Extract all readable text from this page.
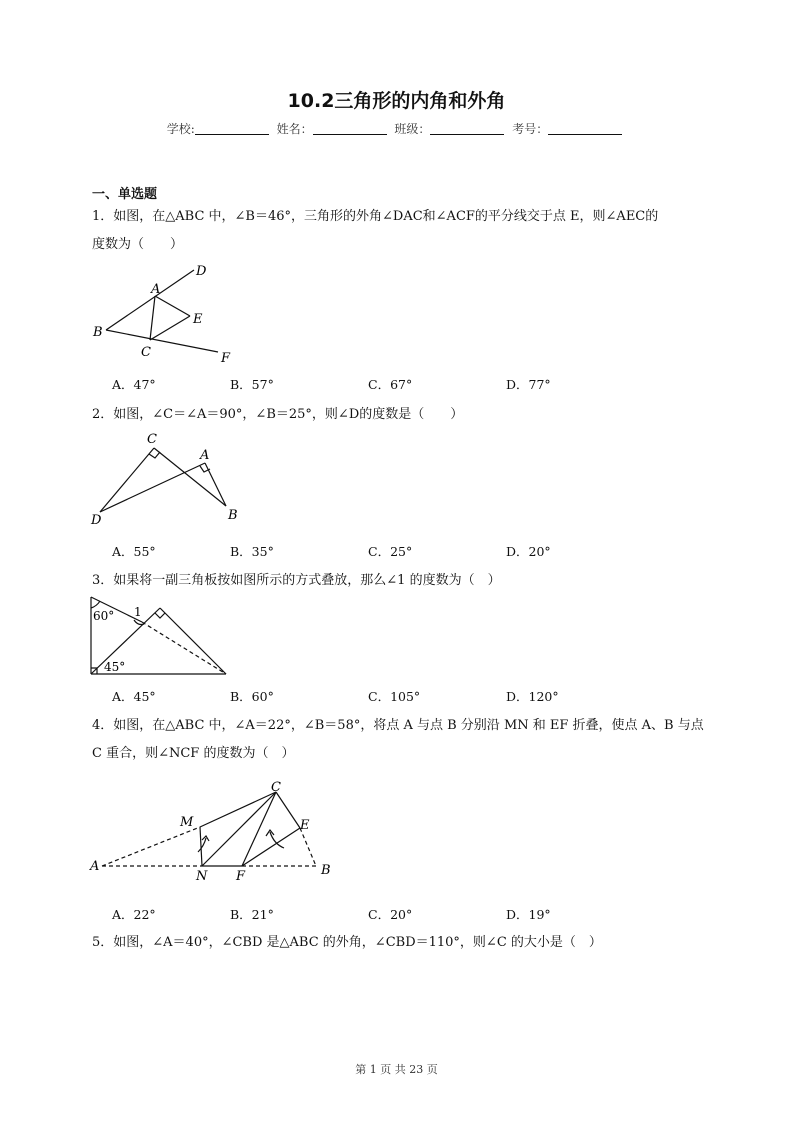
10.2三角形的内角和外角
学校:	姓名：	班级：	考号：
一、单选题
1．如图，在△ABC 中，∠B＝46°，三角形的外角∠DAC和∠ACF的平分线交于点 E，则∠AEC的
度数为（　　）
A
B
C
D
E
F
A．47°	B．57°	C．67°	D．77°
2．如图，∠C＝∠A＝90°，∠B＝25°，则∠D的度数是（　　）
C
A
D	B
A．55°	B．35°	C．25°	D．20°
3．如果将一副三角板按如图所示的方式叠放，那么∠1 的度数为（　）
60° 1
45°
A．45°	B．60°	C．105°	D．120°
4．如图，在△ABC 中，∠A＝22°，∠B＝58°，将点 A 与点 B 分别沿 MN 和 EF 折叠，使点 A、B 与点
C 重合，则∠NCF 的度数为（　）
C
M	E
A
N F	B
A．22°	B．21°	C．20°	D．19°
5．如图，∠A＝40°，∠CBD 是△ABC 的外角，∠CBD＝110°，则∠C 的大小是（　）
第 1 页 共 23 页
